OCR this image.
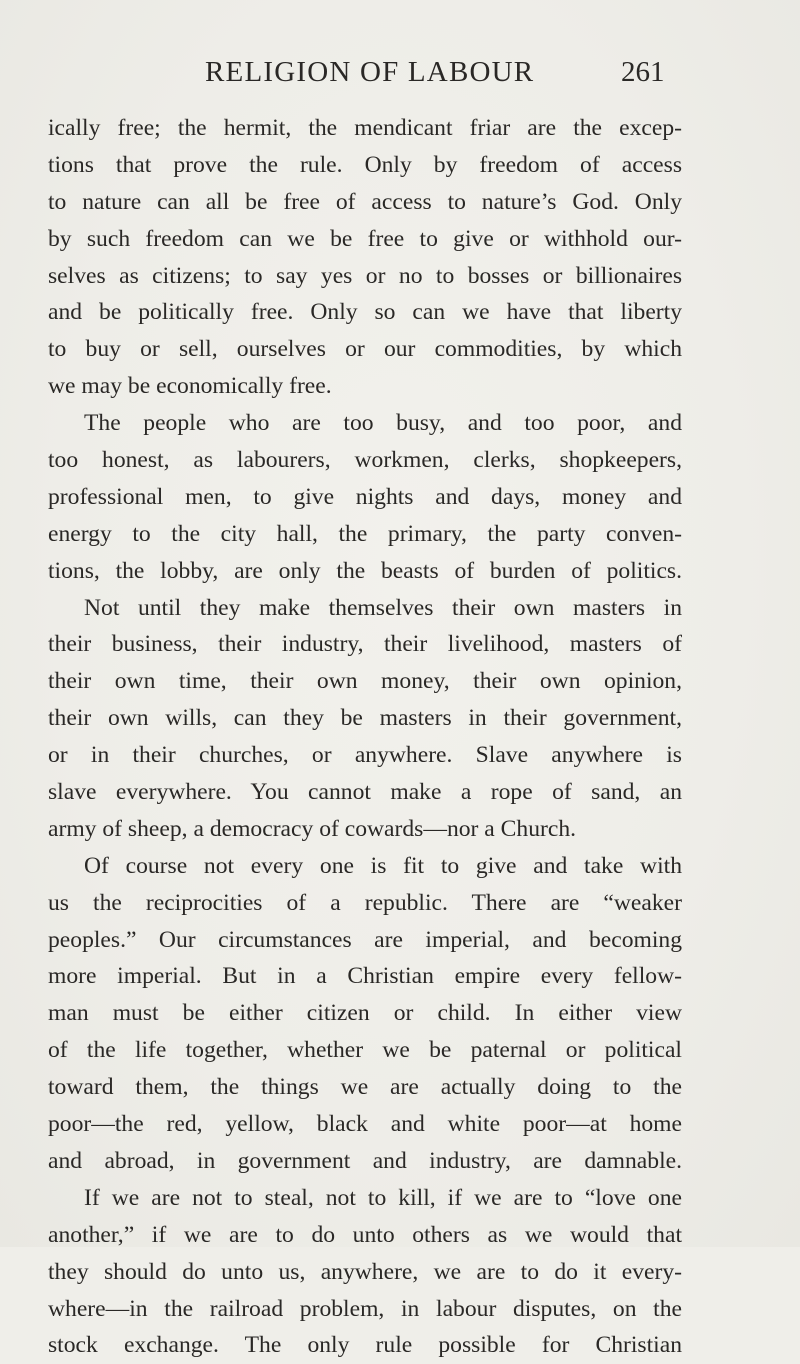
RELIGION OF LABOUR	261
ically free; the hermit, the mendicant friar are the excep-
tions that prove the rule. Only by freedom of access
to nature can all be free of access to nature’s God. Only
by such freedom can we be free to give or withhold our-
selves as citizens; to say yes or no to bosses or billionaires
and be politically free. Only so can we have that liberty
to buy or sell, ourselves or our commodities, by which
we may be economically free.
The people who are too busy, and too poor, and
too honest, as labourers, workmen, clerks, shopkeepers,
professional men, to give nights and days, money and
energy to the city hall, the primary, the party conven-
tions, the lobby, are only the beasts of burden of politics.
Not until they make themselves their own masters in
their business, their industry, their livelihood, masters of
their own time, their own money, their own opinion,
their own wills, can they be masters in their government,
or in their churches, or anywhere. Slave anywhere is
slave everywhere. You cannot make a rope of sand, an
army of sheep, a democracy of cowards—nor a Church.
Of course not every one is fit to give and take with
us the reciprocities of a republic. There are “weaker
peoples.” Our circumstances are imperial, and becoming
more imperial. But in a Christian empire every fellow-
man must be either citizen or child. In either view
of the life together, whether we be paternal or political
toward them, the things we are actually doing to the
poor—the red, yellow, black and white poor—at home
and abroad, in government and industry, are damnable.
If we are not to steal, not to kill, if we are to “love one
another,” if we are to do unto others as we would that
they should do unto us, anywhere, we are to do it every-
where—in the railroad problem, in labour disputes, on the
stock exchange. The only rule possible for Christian
